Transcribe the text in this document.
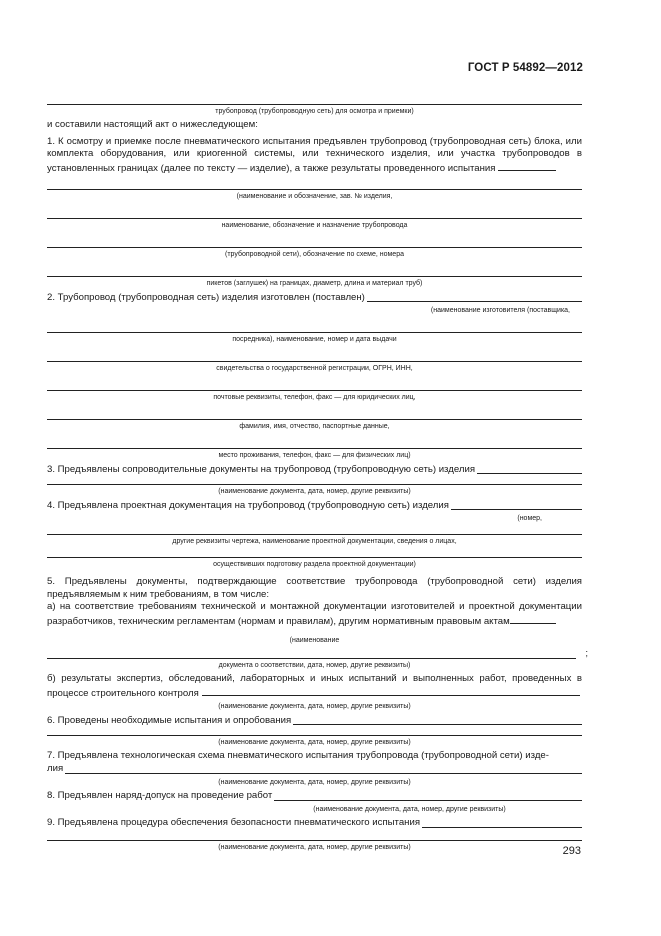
ГОСТ Р 54892—2012
трубопровод (трубопроводную сеть) для осмотра и приемки)

и составили настоящий акт о нижеследующем:

1. К осмотру и приемке после пневматического испытания предъявлен трубопровод (трубопроводная сеть) блока, или комплекта оборудования, или криогенной системы, или технического изделия, или участка трубопроводов в установленных границах (далее по тексту — изделие), а также результаты проведенного испытания

(наименование и обозначение, зав. № изделия,
наименование, обозначение и назначение трубопровода
(трубопроводной сети), обозначение по схеме, номера
пикетов (заглушек) на границах, диаметр, длина и материал труб)
2. Трубопровод (трубопроводная сеть) изделия изготовлен (поставлен)
(наименование изготовителя (поставщика,
посредника), наименование, номер и дата выдачи
свидетельства о государственной регистрации, ОГРН, ИНН,
почтовые реквизиты, телефон, факс — для юридических лиц,
фамилия, имя, отчество, паспортные данные,
место проживания, телефон, факс — для физических лиц)
3. Предъявлены сопроводительные документы на трубопровод (трубопроводную сеть) изделия
(наименование документа, дата, номер, другие реквизиты)
4. Предъявлена проектная документация на трубопровод (трубопроводную сеть) изделия
(номер,
другие реквизиты чертежа, наименование проектной документации, сведения о лицах,
осуществивших подготовку раздела проектной документации)

5. Предъявлены документы, подтверждающие соответствие трубопровода (трубопроводной сети) изделия предъявляемым к ним требованиям, в том числе:

а) на соответствие требованиям технической и монтажной документации изготовителей и проектной документации разработчиков, техническим регламентам (нормам и правилам), другим нормативным правовым актам

(наименование
;
документа о соответствии, дата, номер, другие реквизиты)

б) результаты экспертиз, обследований, лабораторных и иных испытаний и выполненных работ, проведенных в процессе строительного контроля

(наименование документа, дата, номер, другие реквизиты)
6. Проведены необходимые испытания и опробования
(наименование документа, дата, номер, другие реквизиты)

7. Предъявлена технологическая схема пневматического испытания трубопровода (трубопроводной сети) изде-

лия
(наименование документа, дата, номер, другие реквизиты)
8. Предъявлен наряд-допуск на проведение работ
(наименование документа, дата, номер, другие реквизиты)
9. Предъявлена процедура обеспечения безопасности пневматического испытания
(наименование документа, дата, номер, другие реквизиты)	293
